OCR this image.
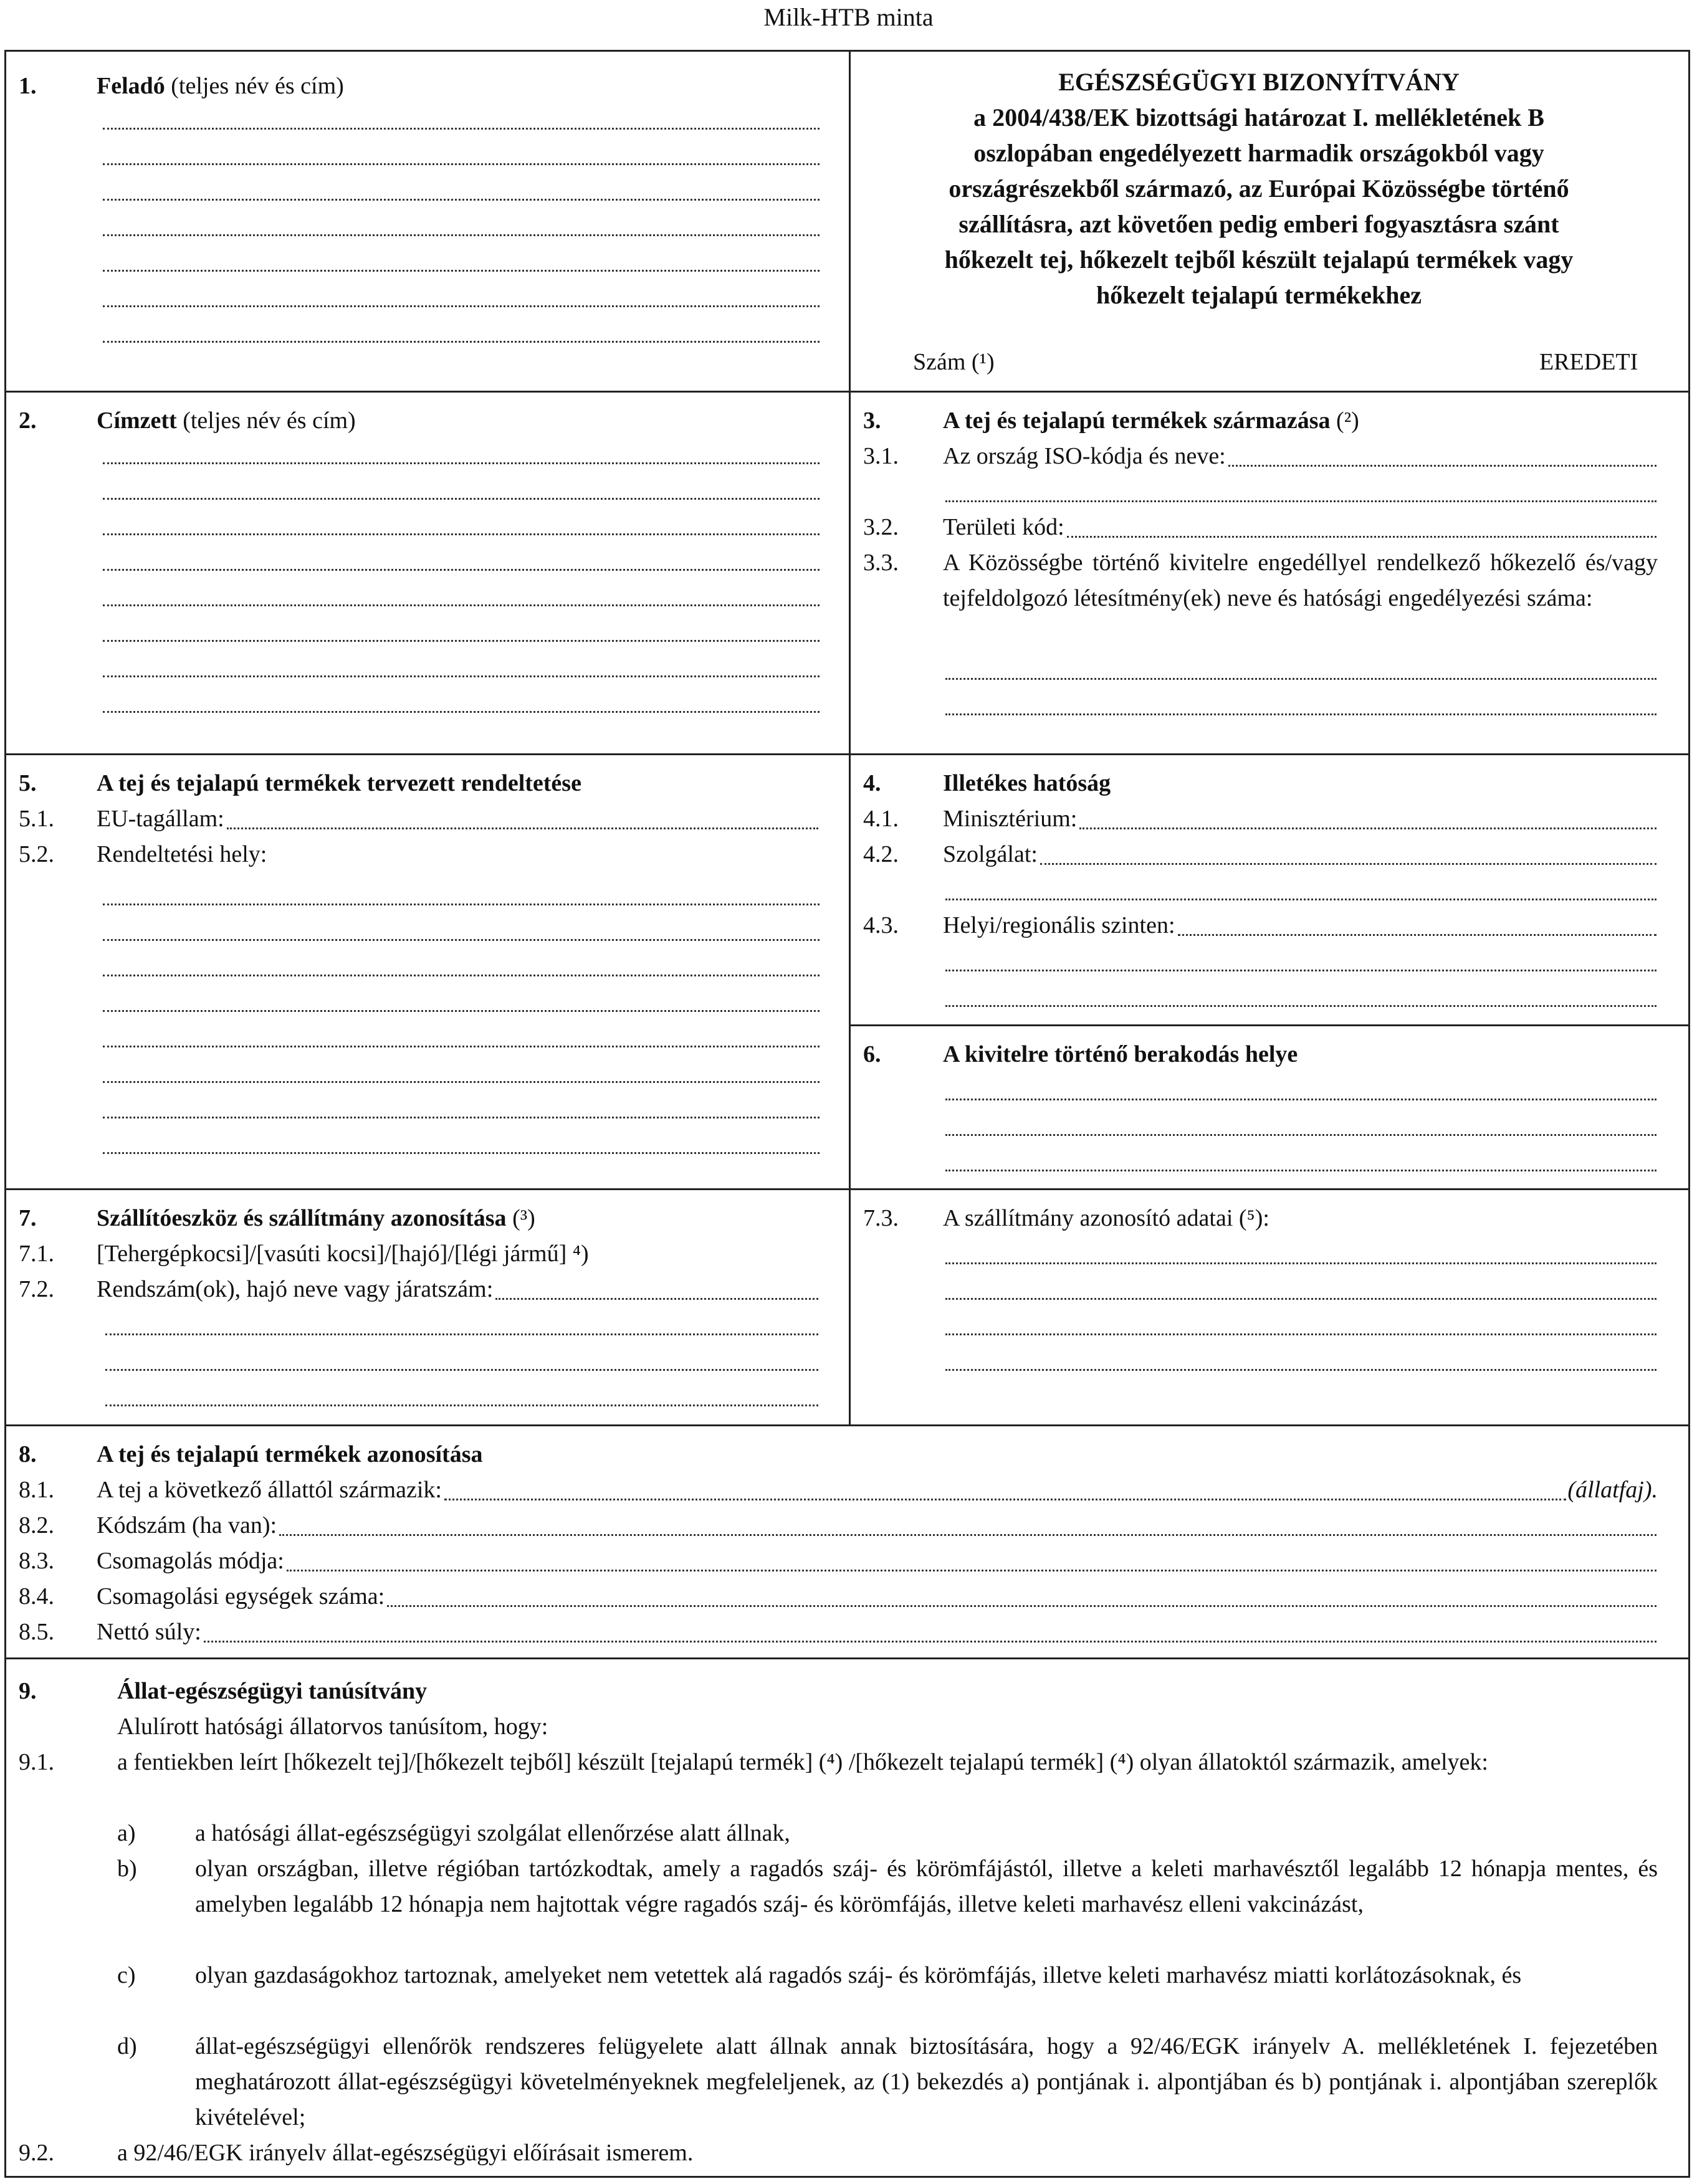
Milk-HTB minta
1.	Feladó (teljes név és cím)	EGÉSZSÉGÜGYI BIZONYÍTVÁNY
a 2004/438/EK bizottsági határozat I. mellékletének B
oszlopában engedélyezett harmadik országokból vagy
országrészekből származó, az Európai Közösségbe történő
szállításra, azt követően pedig emberi fogyasztásra szánt
hőkezelt tej, hőkezelt tejből készült tejalapú termékek vagy
hőkezelt tejalapú termékekhez
Szám (¹)	EREDETI
2.	Címzett (teljes név és cím)	3.	A tej és tejalapú termékek származása (²)
3.1. Az ország ISO-kódja és neve:
3.2. Területi kód:
3.3. A Közösségbe történő kivitelre engedéllyel rendelkező hőkezelő és/vagy tejfeldolgozó létesítmény(ek) neve és hatósági engedélyezési száma:
5.	A tej és tejalapú termékek tervezett rendeltetése
5.1. EU-tagállam:
5.2. Rendeltetési hely:
4.	Illetékes hatóság
4.1. Minisztérium:
4.2. Szolgálat:
4.3. Helyi/regionális szinten:
6.	A kivitelre történő berakodás helye
7.	Szállítóeszköz és szállítmány azonosítása (³)
7.1. [Tehergépkocsi]/[vasúti kocsi]/[hajó]/[légi jármű] ⁴)
7.2. Rendszám(ok), hajó neve vagy járatszám:
7.3. A szállítmány azonosító adatai (⁵):
8.	A tej és tejalapú termékek azonosítása
8.1. A tej a következő állattól származik:	(állatfaj).
8.2. Kódszám (ha van):
8.3. Csomagolás módja:
8.4. Csomagolási egységek száma:
8.5. Nettó súly:
9.	Állat-egészségügyi tanúsítvány
Alulírott hatósági állatorvos tanúsítom, hogy:
9.1.	a fentiekben leírt [hőkezelt tej]/[hőkezelt tejből] készült [tejalapú termék] (⁴) /[hőkezelt tejalapú termék] (⁴) olyan állatoktól származik, amelyek:
a)	a hatósági állat-egészségügyi szolgálat ellenőrzése alatt állnak,
b) olyan országban, illetve régióban tartózkodtak, amely a ragadós száj- és körömfájástól, illetve a keleti marhavésztől legalább 12 hónapja mentes, és amelyben legalább 12 hónapja nem hajtottak végre ragadós száj- és körömfájás, illetve keleti marhavész elleni vakcinázást,
c)	olyan gazdaságokhoz tartoznak, amelyeket nem vetettek alá ragadós száj- és körömfájás, illetve keleti marhavész miatti korlátozásoknak, és
d) állat-egészségügyi ellenőrök rendszeres felügyelete alatt állnak annak biztosítására, hogy a 92/46/EGK irányelv A. mellékletének I. fejezetében meghatározott állat-egészségügyi követelményeknek megfeleljenek, az (1) bekezdés a) pontjának i. alpontjában és b) pontjának i. alpontjában szereplők kivételével;
9.2.	a 92/46/EGK irányelv állat-egészségügyi előírásait ismerem.
